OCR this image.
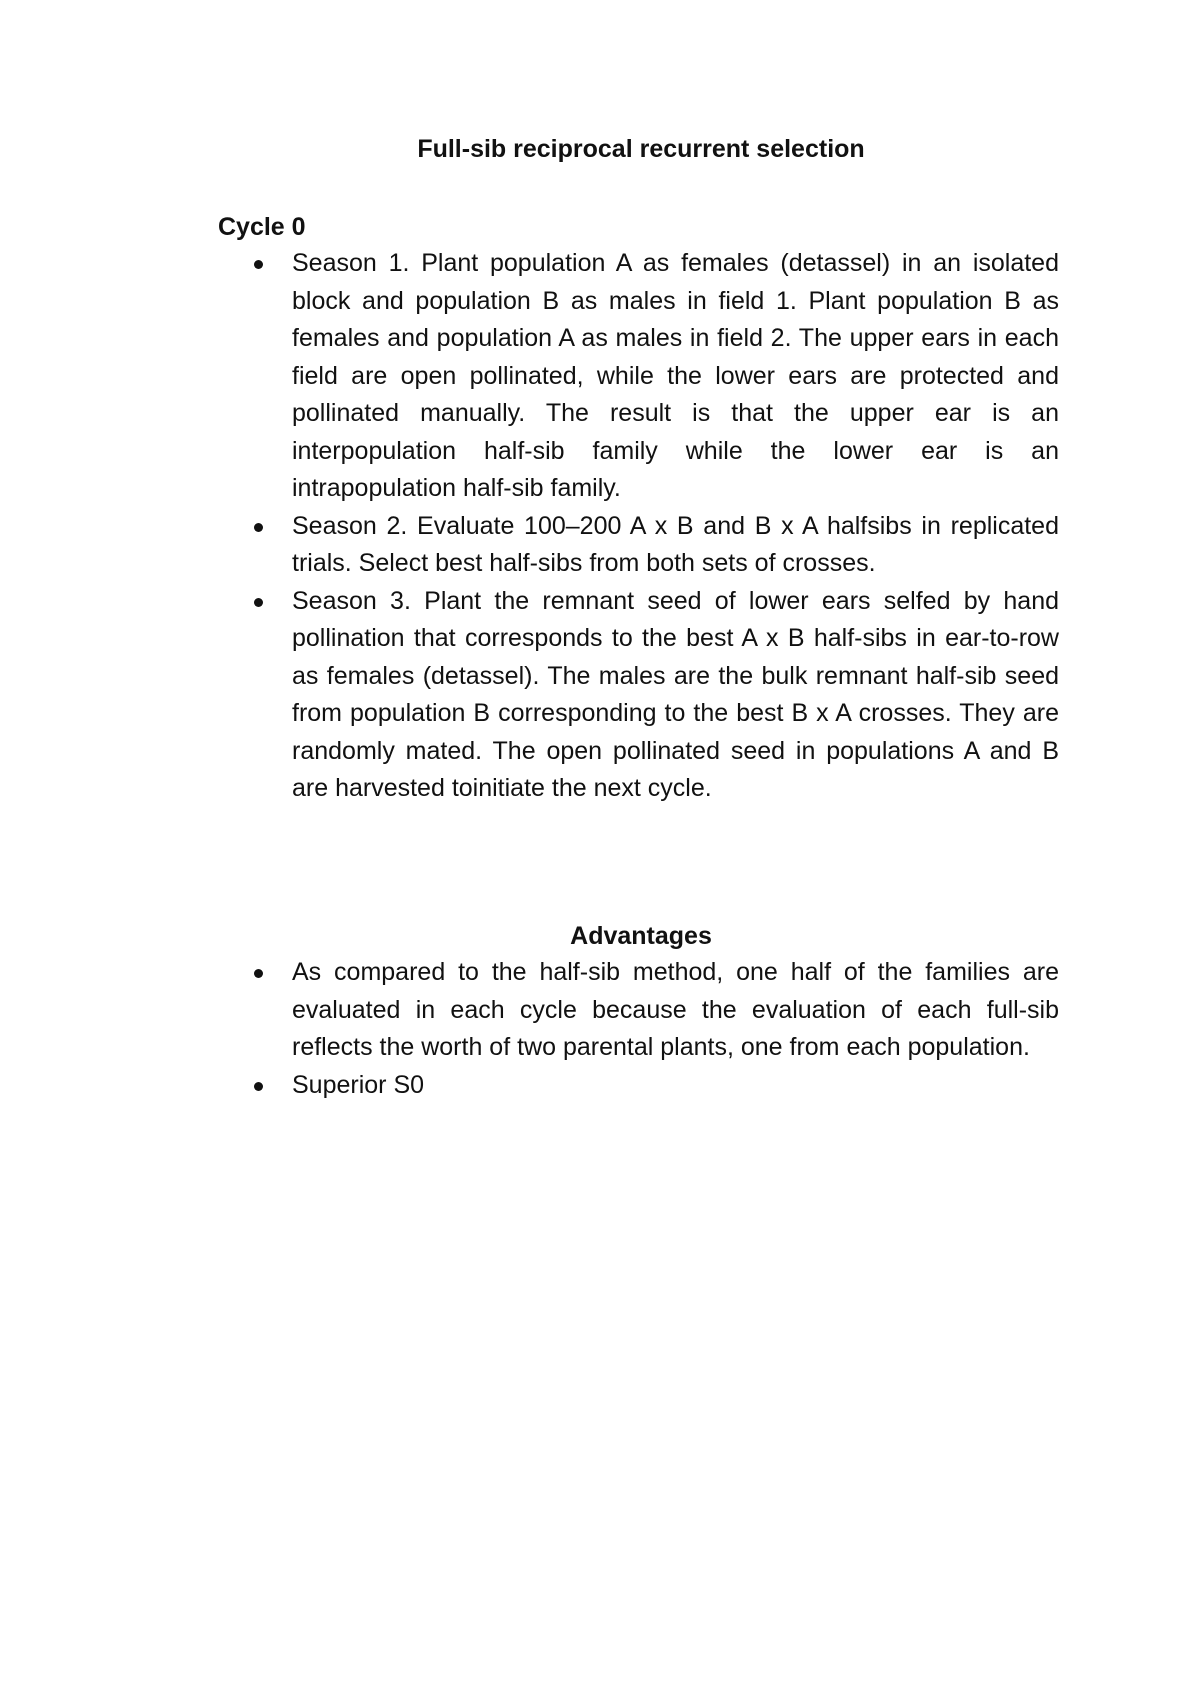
Full-sib reciprocal recurrent selection
Cycle 0
Season 1. Plant population A as females (detassel) in an isolated block and population B as males in field 1. Plant population B as females and population A as males in field 2. The upper ears in each field are open pollinated, while the lower ears are protected and pollinated manually. The result is that the upper ear is an interpopulation half-sib family while the lower ear is an intrapopulation half-sib family.
Season 2. Evaluate 100–200 A x B and B x A halfsibs in replicated trials. Select best half-sibs from both sets of crosses.
Season 3. Plant the remnant seed of lower ears selfed by hand pollination that corresponds to the best A x B half-sibs in ear-to-row as females (detassel). The males are the bulk remnant half-sib seed from population B corresponding to the best B x A crosses. They are randomly mated. The open pollinated seed in populations A and B are harvested toinitiate the next cycle.
Advantages
As compared to the half-sib method, one half of the families are evaluated in each cycle because the evaluation of each full-sib reflects the worth of two parental plants, one from each population.
Superior S0
